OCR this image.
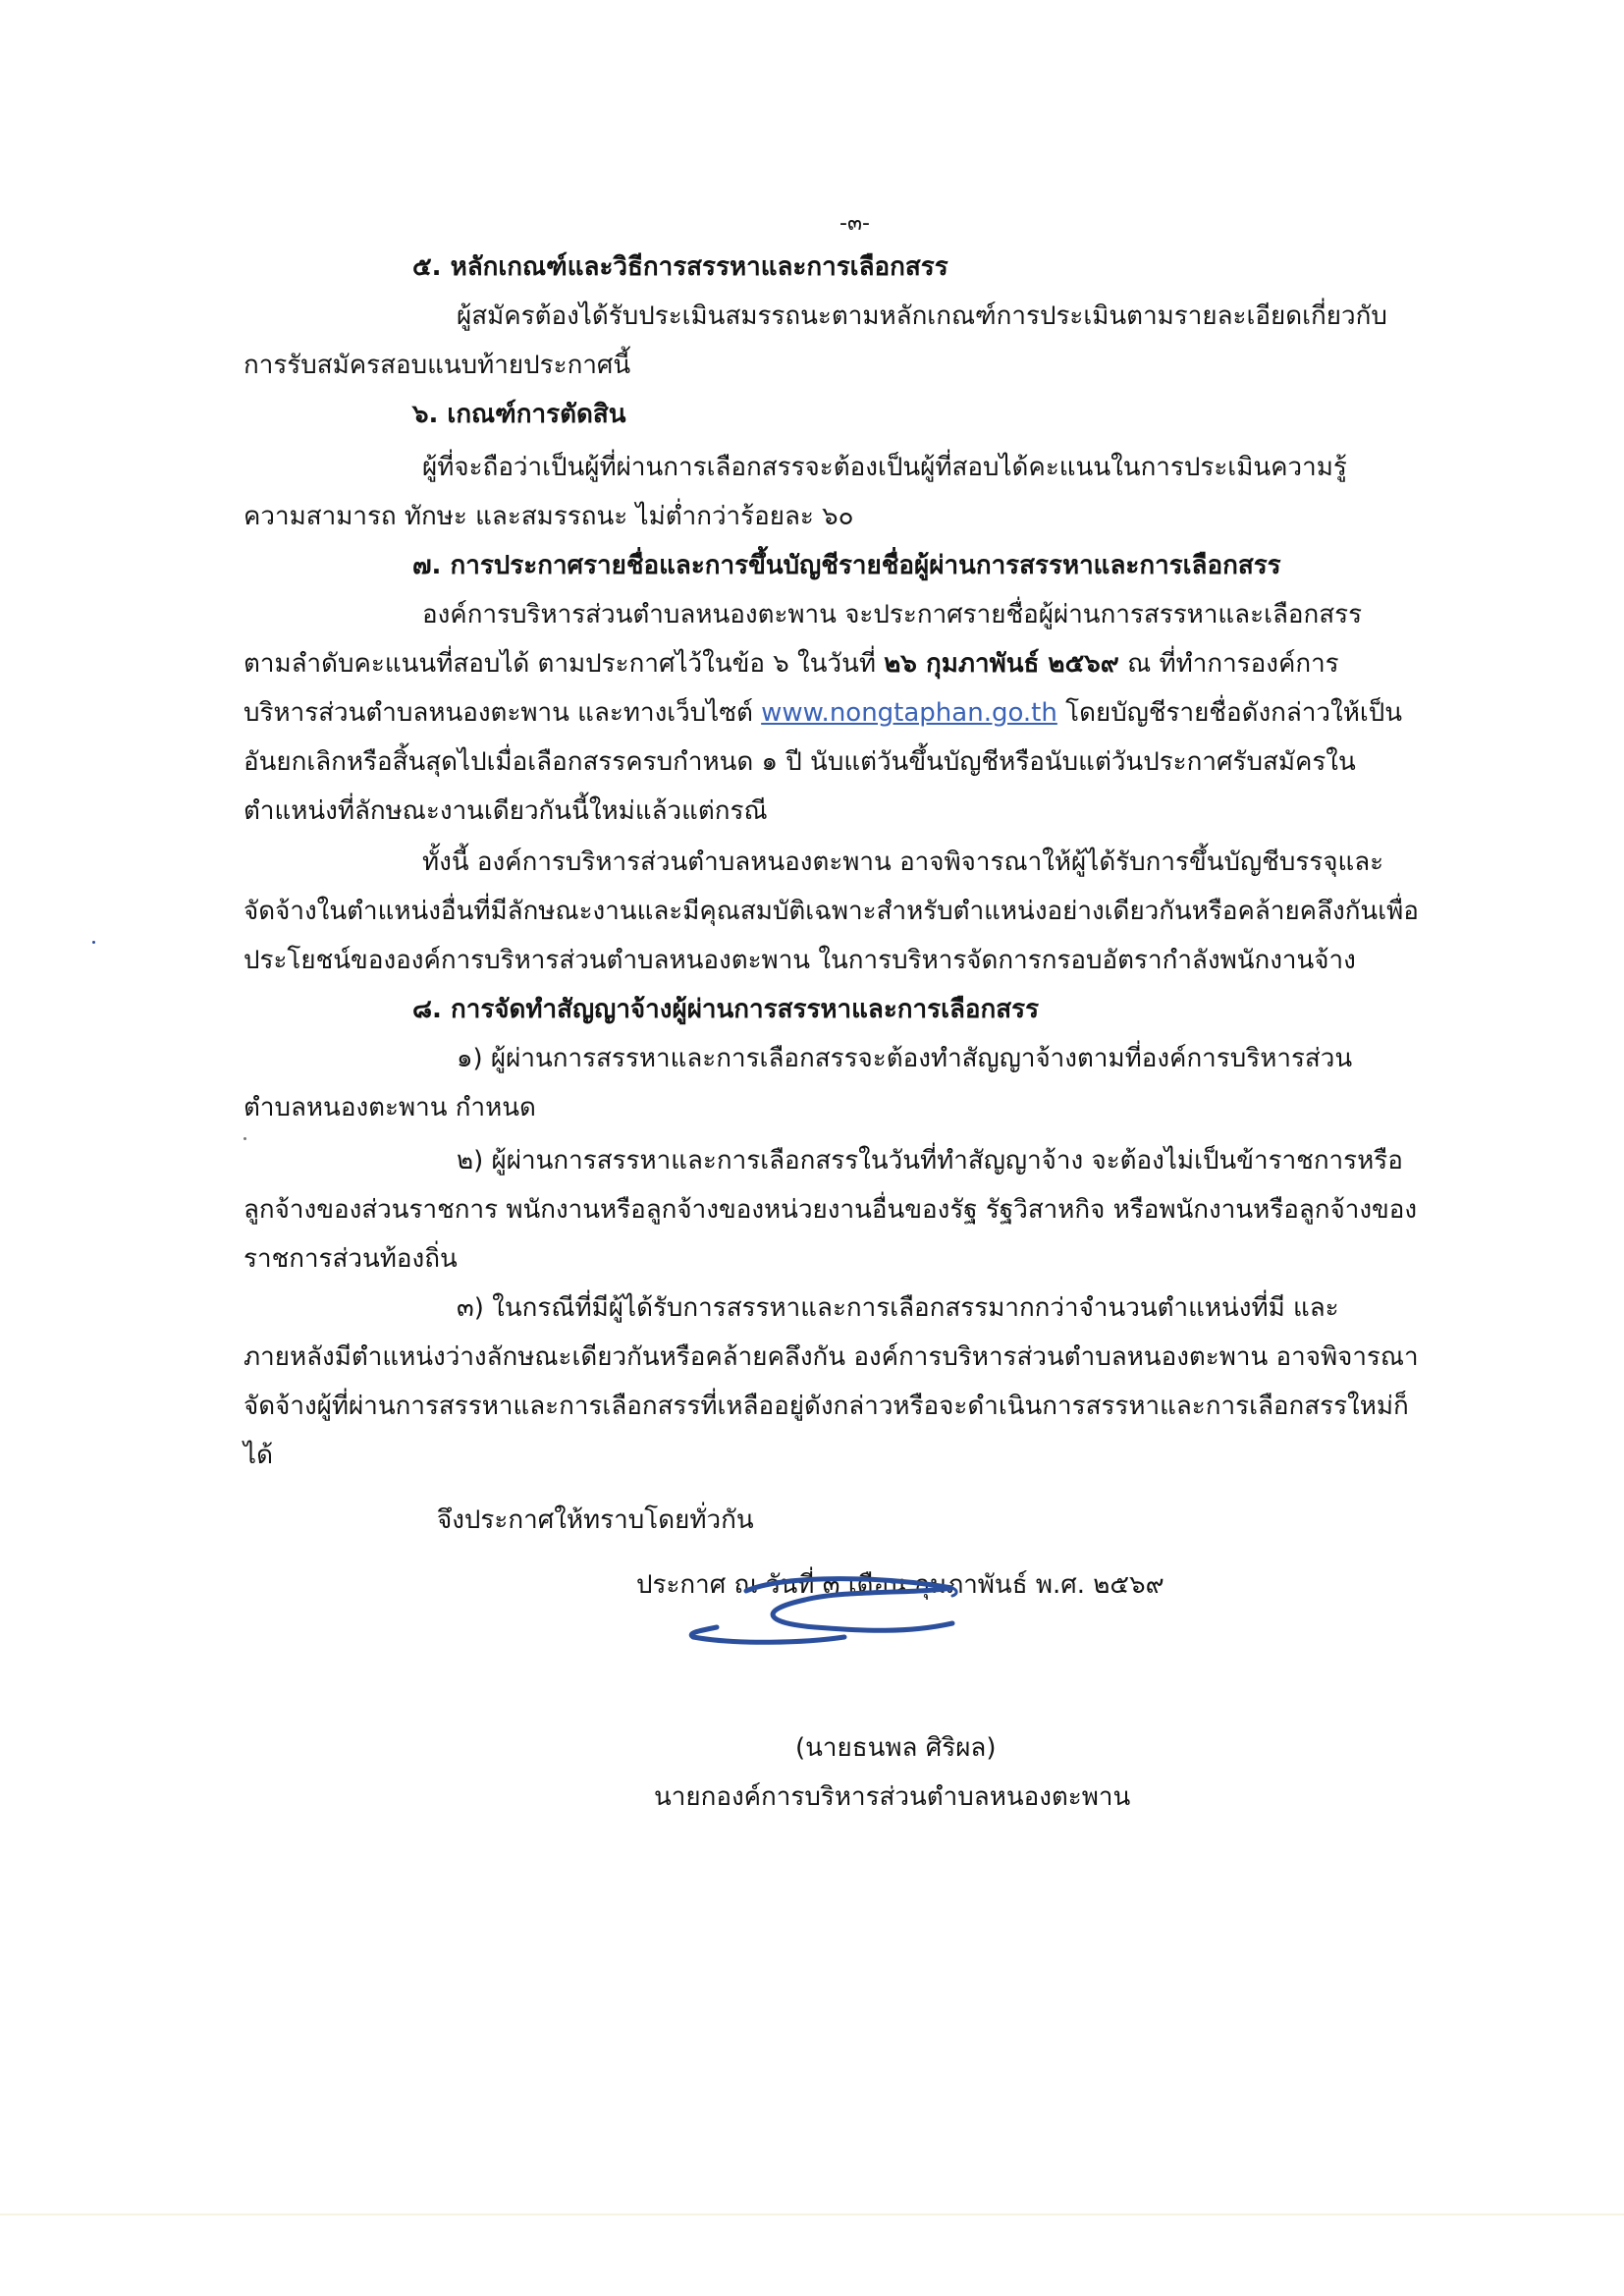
-๓-
๕. หลักเกณฑ์และวิธีการสรรหาและการเลือกสรร
ผู้สมัครต้องได้รับประเมินสมรรถนะตามหลักเกณฑ์การประเมินตามรายละเอียดเกี่ยวกับ
การรับสมัครสอบแนบท้ายประกาศนี้
๖. เกณฑ์การตัดสิน
ผู้ที่จะถือว่าเป็นผู้ที่ผ่านการเลือกสรรจะต้องเป็นผู้ที่สอบได้คะแนนในการประเมินความรู้
ความสามารถ ทักษะ และสมรรถนะ ไม่ต่ำกว่าร้อยละ ๖๐
๗. การประกาศรายชื่อและการขึ้นบัญชีรายชื่อผู้ผ่านการสรรหาและการเลือกสรร
องค์การบริหารส่วนตำบลหนองตะพาน จะประกาศรายชื่อผู้ผ่านการสรรหาและเลือกสรร
ตามลำดับคะแนนที่สอบได้ ตามประกาศไว้ในข้อ ๖ ในวันที่ ๒๖ กุมภาพันธ์ ๒๕๖๙ ณ ที่ทำการองค์การ
บริหารส่วนตำบลหนองตะพาน และทางเว็บไซต์ www.nongtaphan.go.th โดยบัญชีรายชื่อดังกล่าวให้เป็น
อันยกเลิกหรือสิ้นสุดไปเมื่อเลือกสรรครบกำหนด ๑ ปี นับแต่วันขึ้นบัญชีหรือนับแต่วันประกาศรับสมัครใน
ตำแหน่งที่ลักษณะงานเดียวกันนี้ใหม่แล้วแต่กรณี
ทั้งนี้ องค์การบริหารส่วนตำบลหนองตะพาน อาจพิจารณาให้ผู้ได้รับการขึ้นบัญชีบรรจุและ
จัดจ้างในตำแหน่งอื่นที่มีลักษณะงานและมีคุณสมบัติเฉพาะสำหรับตำแหน่งอย่างเดียวกันหรือคล้ายคลึงกันเพื่อ
ประโยชน์ขององค์การบริหารส่วนตำบลหนองตะพาน ในการบริหารจัดการกรอบอัตรากำลังพนักงานจ้าง
๘. การจัดทำสัญญาจ้างผู้ผ่านการสรรหาและการเลือกสรร
๑) ผู้ผ่านการสรรหาและการเลือกสรรจะต้องทำสัญญาจ้างตามที่องค์การบริหารส่วน
ตำบลหนองตะพาน กำหนด
๒) ผู้ผ่านการสรรหาและการเลือกสรรในวันที่ทำสัญญาจ้าง จะต้องไม่เป็นข้าราชการหรือ
ลูกจ้างของส่วนราชการ พนักงานหรือลูกจ้างของหน่วยงานอื่นของรัฐ รัฐวิสาหกิจ หรือพนักงานหรือลูกจ้างของ
ราชการส่วนท้องถิ่น
๓) ในกรณีที่มีผู้ได้รับการสรรหาและการเลือกสรรมากกว่าจำนวนตำแหน่งที่มี และ
ภายหลังมีตำแหน่งว่างลักษณะเดียวกันหรือคล้ายคลึงกัน องค์การบริหารส่วนตำบลหนองตะพาน อาจพิจารณา
จัดจ้างผู้ที่ผ่านการสรรหาและการเลือกสรรที่เหลืออยู่ดังกล่าวหรือจะดำเนินการสรรหาและการเลือกสรรใหม่ก็
ได้
จึงประกาศให้ทราบโดยทั่วกัน
ประกาศ ณ วันที่ ๓ เดือน กุมภาพันธ์ พ.ศ. ๒๕๖๙
(นายธนพล ศิริผล)
นายกองค์การบริหารส่วนตำบลหนองตะพาน
